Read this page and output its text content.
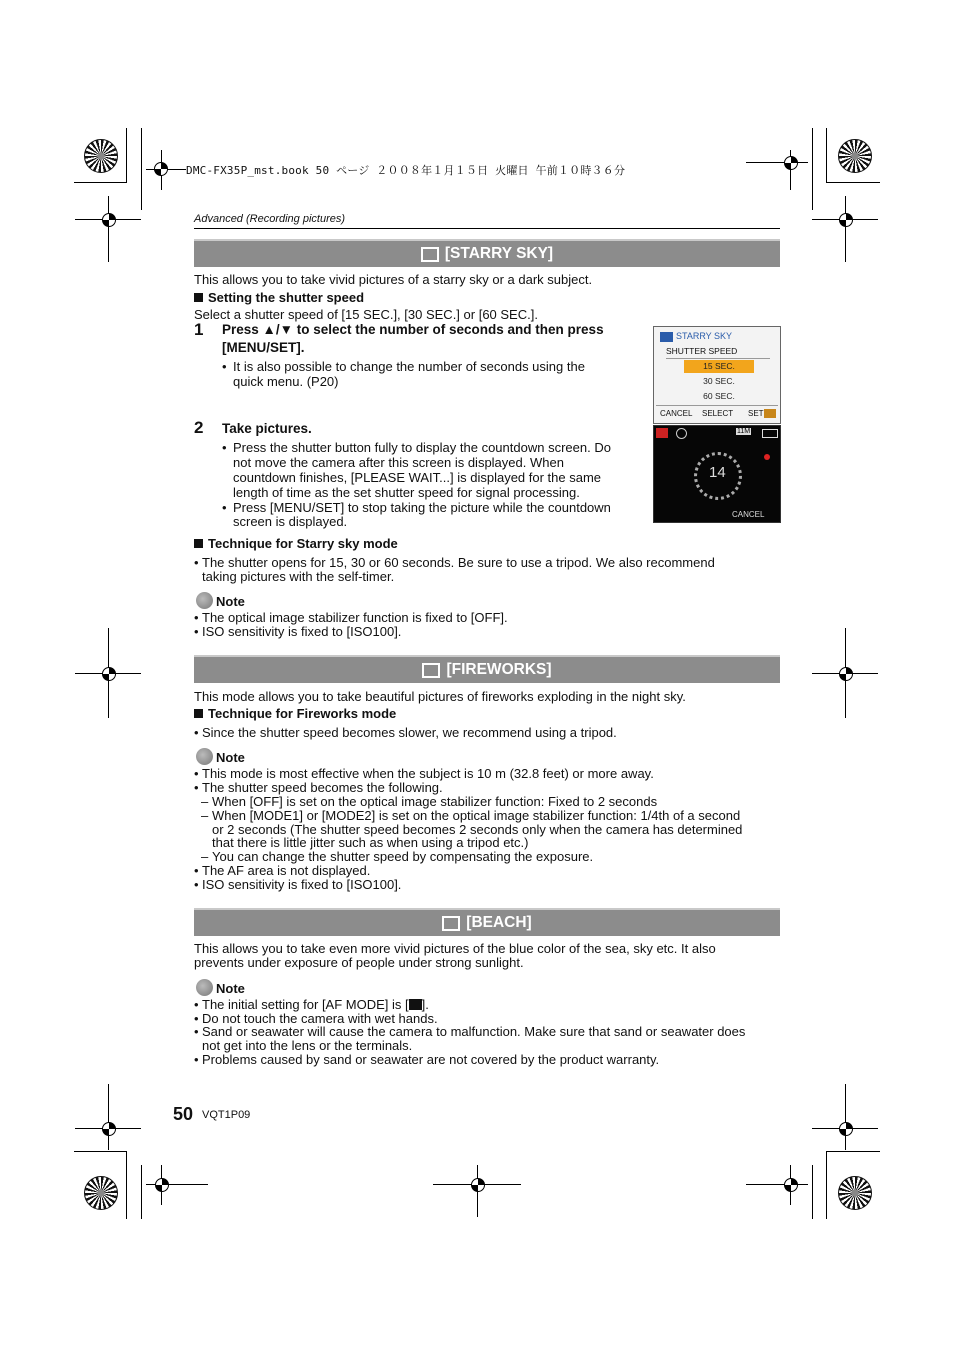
DMC-FX35P_mst.book 50 ページ ２００８年１月１５日 火曜日 午前１０時３６分
Advanced (Recording pictures)
[STARRY SKY]
This allows you to take vivid pictures of a starry sky or a dark subject.
Setting the shutter speed
Select a shutter speed of [15 SEC.], [30 SEC.] or [60 SEC.].
1 Press ▲/▼ to select the number of seconds and then press
[MENU/SET].
• It is also possible to change the number of seconds using the
quick menu. (P20)
STARRY SKY
SHUTTER SPEED
15 SEC.
30 SEC.
60 SEC.
CANCEL SELECT SET
2 Take pictures.
• Press the shutter button fully to display the countdown screen. Do
not move the camera after this screen is displayed. When
countdown finishes, [PLEASE WAIT...] is displayed for the same
length of time as the set shutter speed for signal processing.
• Press [MENU/SET] to stop taking the picture while the countdown
screen is displayed.
11M
14
CANCEL
Technique for Starry sky mode
• The shutter opens for 15, 30 or 60 seconds. Be sure to use a tripod. We also recommend
taking pictures with the self-timer.
Note
• The optical image stabilizer function is fixed to [OFF].
• ISO sensitivity is fixed to [ISO100].
[FIREWORKS]
This mode allows you to take beautiful pictures of fireworks exploding in the night sky.
Technique for Fireworks mode
• Since the shutter speed becomes slower, we recommend using a tripod.
Note
• This mode is most effective when the subject is 10 m (32.8 feet) or more away.
• The shutter speed becomes the following.
– When [OFF] is set on the optical image stabilizer function: Fixed to 2 seconds
– When [MODE1] or [MODE2] is set on the optical image stabilizer function: 1/4th of a second
or 2 seconds (The shutter speed becomes 2 seconds only when the camera has determined
that there is little jitter such as when using a tripod etc.)
– You can change the shutter speed by compensating the exposure.
• The AF area is not displayed.
• ISO sensitivity is fixed to [ISO100].
[BEACH]
This allows you to take even more vivid pictures of the blue color of the sea, sky etc. It also
prevents under exposure of people under strong sunlight.
Note
• The initial setting for [AF MODE] is [ ].
• Do not touch the camera with wet hands.
• Sand or seawater will cause the camera to malfunction. Make sure that sand or seawater does
not get into the lens or the terminals.
• Problems caused by sand or seawater are not covered by the product warranty.
50 VQT1P09
